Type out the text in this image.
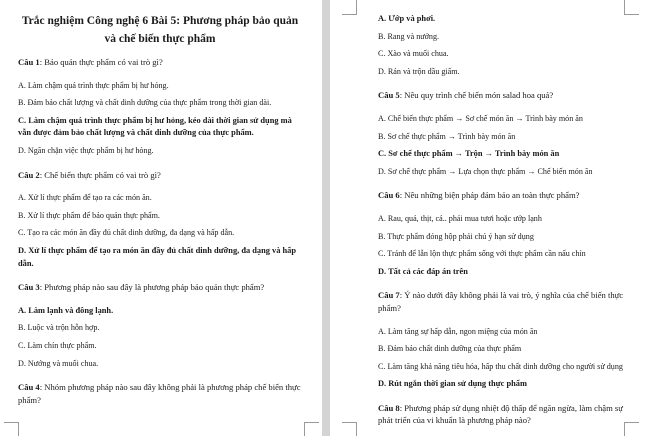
Trắc nghiệm Công nghệ 6 Bài 5: Phương pháp bảo quản và chế biến thực phẩm

Câu 1: Bảo quản thực phẩm có vai trò gì?

A. Làm chậm quá trình thực phẩm bị hư hỏng.

B. Đảm bảo chất lượng và chất dinh dưỡng của thực phẩm trong thời gian dài.

C. Làm chậm quá trình thực phẩm bị hư hỏng, kéo dài thời gian sử dụng mà vẫn được đảm bảo chất lượng và chất dinh dưỡng của thực phẩm.

D. Ngăn chặn việc thực phẩm bị hư hỏng.

Câu 2: Chế biến thực phẩm có vai trò gì?

A. Xử lí thực phẩm để tạo ra các món ăn.

B. Xử lí thực phẩm để bảo quản thực phẩm.

C. Tạo ra các món ăn đầy đủ chất dinh dưỡng, đa dạng và hấp dẫn.

D. Xử lí thực phẩm để tạo ra món ăn đầy đủ chất dinh dưỡng, đa dạng và hấp dẫn.

Câu 3: Phương pháp nào sau đây là phương pháp bảo quản thực phẩm?

A. Làm lạnh và đông lạnh.

B. Luộc và trộn hỗn hợp.

C. Làm chín thực phẩm.

D. Nướng và muối chua.

Câu 4: Nhóm phương pháp nào sau đây không phải là phương pháp chế biến thực phẩm?

A. Ướp và phơi.

B. Rang và nướng.

C. Xào và muối chua.

D. Rán và trộn dầu giấm.

Câu 5: Nêu quy trình chế biến món salad hoa quả?

A. Chế biến thực phẩm → Sơ chế món ăn → Trình bày món ăn

B. Sơ chế thực phẩm → Trình bày món ăn

C. Sơ chế thực phẩm → Trộn → Trình bày món ăn

D. Sơ chế thực phẩm → Lựa chọn thực phẩm → Chế biến món ăn

Câu 6: Nêu những biện pháp đảm bảo an toàn thực phẩm?

A. Rau, quả, thịt, cá.. phải mua tươi hoặc ướp lạnh

B. Thực phẩm đóng hộp phải chú ý hạn sử dụng

C. Tránh để lẫn lộn thực phẩm sống với thực phẩm cần nấu chín

D. Tất cả các đáp án trên

Câu 7: Ý nào dưới đây không phải là vai trò, ý nghĩa của chế biến thực phẩm?

A. Làm tăng sự hấp dẫn, ngon miệng của món ăn

B. Đảm bảo chất dinh dưỡng của thực phẩm

C. Làm tăng khả năng tiêu hóa, hấp thu chất dinh dưỡng cho người sử dụng

D. Rút ngắn thời gian sử dụng thực phẩm

Câu 8: Phương pháp sử dụng nhiệt độ thấp để ngăn ngừa, làm chậm sự phát triển của vi khuẩn là phương pháp nào?
